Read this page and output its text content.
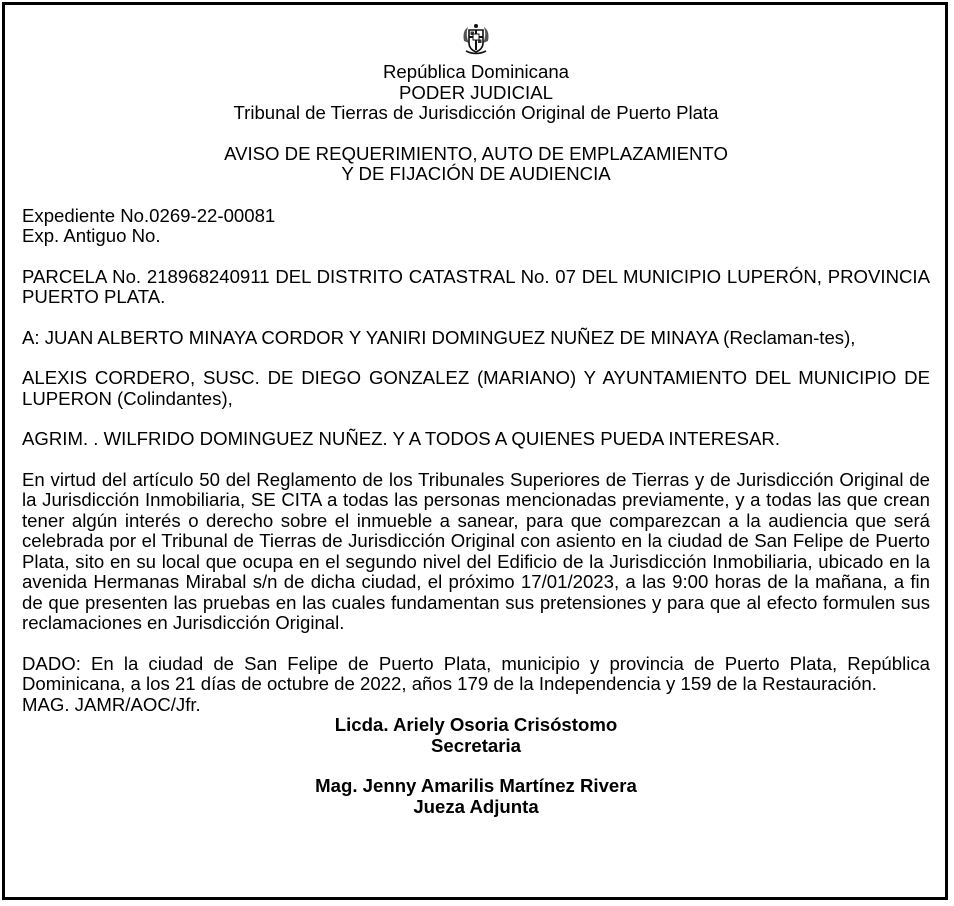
República Dominicana
PODER JUDICIAL
Tribunal de Tierras de Jurisdicción Original de Puerto Plata
AVISO DE REQUERIMIENTO, AUTO DE EMPLAZAMIENTO
Y DE FIJACIÓN DE AUDIENCIA
Expediente No.0269-22-00081
Exp. Antiguo No.
PARCELA No. 218968240911 DEL DISTRITO CATASTRAL No. 07 DEL MUNICIPIO LUPERÓN, PROVINCIA PUERTO PLATA.
A: JUAN ALBERTO MINAYA CORDOR Y YANIRI DOMINGUEZ NUÑEZ DE MINAYA (Reclaman-tes),
ALEXIS CORDERO, SUSC. DE DIEGO GONZALEZ (MARIANO) Y AYUNTAMIENTO DEL MUNICIPIO DE LUPERON (Colindantes),
AGRIM. . WILFRIDO DOMINGUEZ NUÑEZ. Y A TODOS A QUIENES PUEDA INTERESAR.
En virtud del artículo 50 del Reglamento de los Tribunales Superiores de Tierras y de Jurisdicción Original de la Jurisdicción Inmobiliaria, SE CITA a todas las personas mencionadas previamente, y a todas las que crean tener algún interés o derecho sobre el inmueble a sanear, para que comparezcan a la audiencia que será celebrada por el Tribunal de Tierras de Jurisdicción Original con asiento en la ciudad de San Felipe de Puerto Plata, sito en su local que ocupa en el segundo nivel del Edificio de la Jurisdicción Inmobiliaria, ubicado en la avenida Hermanas Mirabal s/n de dicha ciudad, el próximo 17/01/2023, a las 9:00 horas de la mañana, a fin de que presenten las pruebas en las cuales fundamentan sus pretensiones y para que al efecto formulen sus reclamaciones en Jurisdicción Original.
DADO: En la ciudad de San Felipe de Puerto Plata, municipio y provincia de Puerto Plata, República Dominicana, a los 21 días de octubre de 2022, años 179 de la Independencia y 159 de la Restauración.
MAG. JAMR/AOC/Jfr.
Licda. Ariely Osoria Crisóstomo
Secretaria
Mag. Jenny Amarilis Martínez Rivera
Jueza Adjunta
